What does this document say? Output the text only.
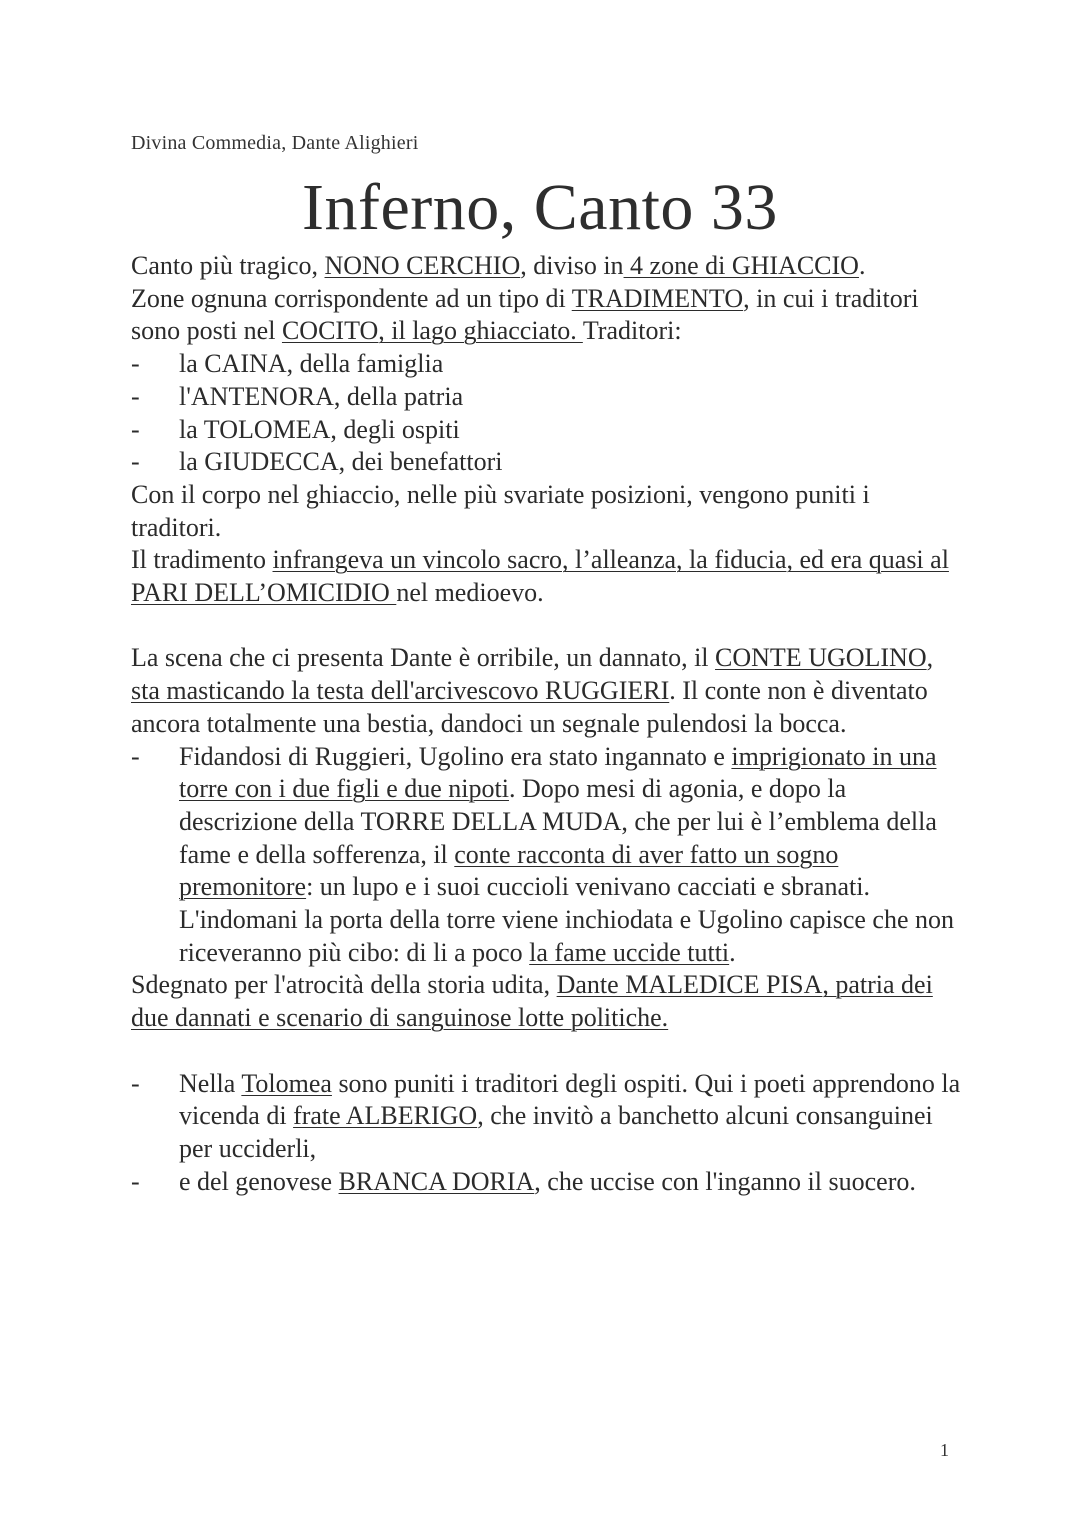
Divina Commedia, Dante Alighieri
Inferno, Canto 33

Canto più tragico, NONO CERCHIO, diviso in 4 zone di GHIACCIO.

Zone ognuna corrispondente ad un tipo di TRADIMENTO, in cui i traditori sono posti nel COCITO, il lago ghiacciato. Traditori:

- la CAINA, della famiglia
- l'ANTENORA, della patria
- la TOLOMEA, degli ospiti
- la GIUDECCA, dei benefattori

Con il corpo nel ghiaccio, nelle più svariate posizioni, vengono puniti i traditori.

Il tradimento infrangeva un vincolo sacro, l’alleanza, la fiducia, ed era quasi al PARI DELL’OMICIDIO nel medioevo.

La scena che ci presenta Dante è orribile, un dannato, il CONTE UGOLINO, sta masticando la testa dell'arcivescovo RUGGIERI. Il conte non è diventato ancora totalmente una bestia, dandoci un segnale pulendosi la bocca.

- Fidandosi di Ruggieri, Ugolino era stato ingannato e imprigionato in una torre con i due figli e due nipoti. Dopo mesi di agonia, e dopo la descrizione della TORRE DELLA MUDA, che per lui è l’emblema della fame e della sofferenza, il conte racconta di aver fatto un sogno premonitore: un lupo e i suoi cuccioli venivano cacciati e sbranati. L'indomani la porta della torre viene inchiodata e Ugolino capisce che non riceveranno più cibo: di li a poco la fame uccide tutti.

Sdegnato per l'atrocità della storia udita, Dante MALEDICE PISA, patria dei due dannati e scenario di sanguinose lotte politiche.

- Nella Tolomea sono puniti i traditori degli ospiti. Qui i poeti apprendono la vicenda di frate ALBERIGO, che invitò a banchetto alcuni consanguinei per ucciderli,
- e del genovese BRANCA DORIA, che uccise con l'inganno il suocero.
1
